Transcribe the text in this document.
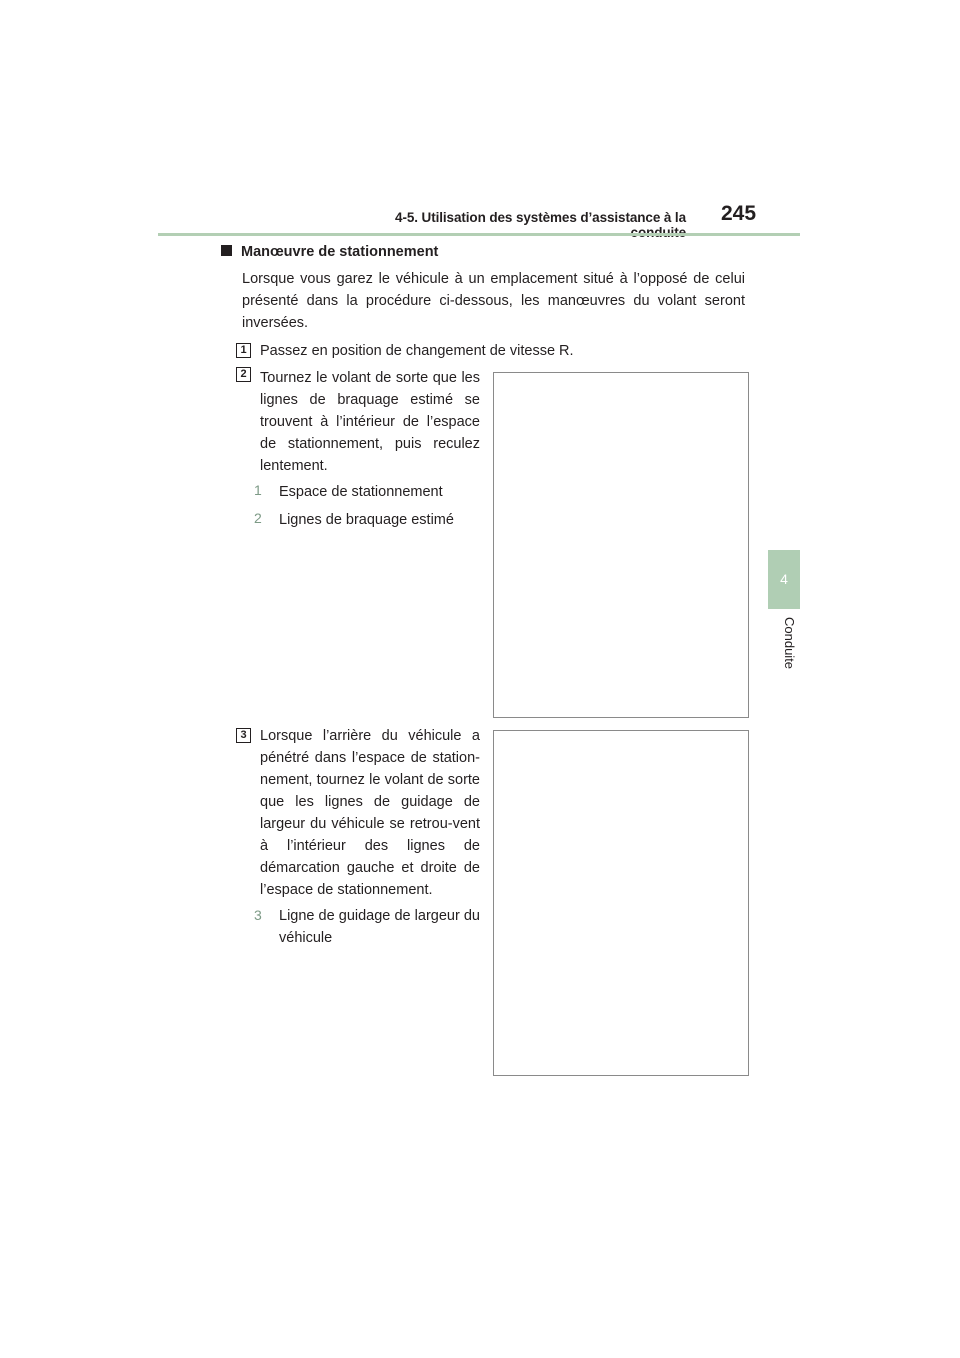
4-5. Utilisation des systèmes d’assistance à la 245
4
Conduite
Manœuvre de stationnement
Lorsque vous garez le véhicule à un emplacement situé à l’opposé de celui présenté dans la procédure ci-dessous, les manœuvres du volant seront inversées.
1 Passez en position de changement de vitesse R.
2 Tournez le volant de sorte que les lignes de braquage estimé se trouvent à l’intérieur de l’espace de stationnement, puis reculez lentement.
1	Espace de stationnement
2	Lignes de braquage estimé
3 Lorsque l’arrière du véhicule a pénétré dans l’espace de station-nement, tournez le volant de sorte que les lignes de guidage de largeur du véhicule se retrou-vent à l’intérieur des lignes de démarcation gauche et droite de l’espace de stationnement.
3	Ligne de guidage de largeur du véhicule
